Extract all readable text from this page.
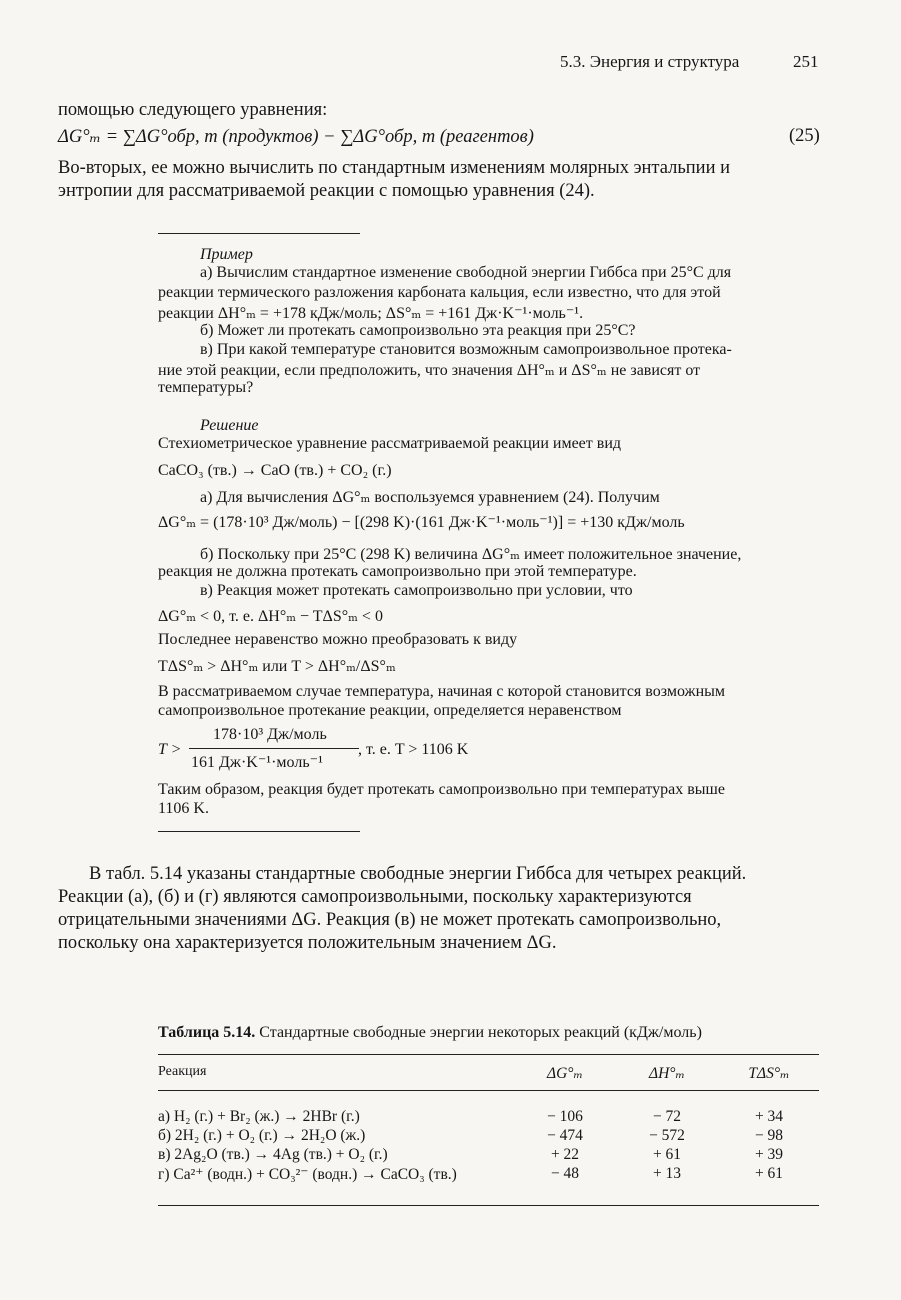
5.3. Энергия и структура	251
помощью следующего уравнения:
ΔG°ₘ = ∑ΔG°обр, m (продуктов) − ∑ΔG°обр, m (реагентов)	(25)
Во-вторых, ее можно вычислить по стандартным изменениям молярных энтальпии и
энтропии для рассматриваемой реакции с помощью уравнения (24).
Пример
а) Вычислим стандартное изменение свободной энергии Гиббса при 25°C для
реакции термического разложения карбоната кальция, если известно, что для этой
реакции ΔH°ₘ = +178 кДж/моль; ΔS°ₘ = +161 Дж·K⁻¹·моль⁻¹.
б) Может ли протекать самопроизвольно эта реакция при 25°C?
в) При какой температуре становится возможным самопроизвольное протека-
ние этой реакции, если предположить, что значения ΔH°ₘ и ΔS°ₘ не зависят от
температуры?
Решение
Стехиометрическое уравнение рассматриваемой реакции имеет вид
CaCO₃ (тв.) → CaO (тв.) + CO₂ (г.)
а) Для вычисления ΔG°ₘ воспользуемся уравнением (24). Получим
ΔG°ₘ = (178·10³ Дж/моль) − [(298 K)·(161 Дж·K⁻¹·моль⁻¹)] = +130 кДж/моль
б) Поскольку при 25°C (298 K) величина ΔG°ₘ имеет положительное значение,
реакция не должна протекать самопроизвольно при этой температуре.
в) Реакция может протекать самопроизвольно при условии, что
ΔG°ₘ < 0, т. е. ΔH°ₘ − TΔS°ₘ < 0
Последнее неравенство можно преобразовать к виду
TΔS°ₘ > ΔH°ₘ или T > ΔH°ₘ/ΔS°ₘ
В рассматриваемом случае температура, начиная с которой становится возможным
самопроизвольное протекание реакции, определяется неравенством
T >
178·10³ Дж/моль
161 Дж·K⁻¹·моль⁻¹
, т. е. T > 1106 K
Таким образом, реакция будет протекать самопроизвольно при температурах выше
1106 K.
В табл. 5.14 указаны стандартные свободные энергии Гиббса для четырех реакций.
Реакции (а), (б) и (г) являются самопроизвольными, поскольку характеризуются
отрицательными значениями ΔG. Реакция (в) не может протекать самопроизвольно,
поскольку она характеризуется положительным значением ΔG.
Таблица 5.14. Стандартные свободные энергии некоторых реакций (кДж/моль)
Реакция	ΔG°ₘ	ΔH°ₘ	TΔS°ₘ
а) H₂ (г.) + Br₂ (ж.) → 2HBr (г.)	− 106	− 72	+ 34
б) 2H₂ (г.) + O₂ (г.) → 2H₂O (ж.)	− 474	− 572	− 98
в) 2Ag₂O (тв.) → 4Ag (тв.) + O₂ (г.)	+ 22	+ 61	+ 39
г) Ca²⁺ (водн.) + CO₃²⁻ (водн.) → CaCO₃ (тв.)	− 48	+ 13	+ 61
